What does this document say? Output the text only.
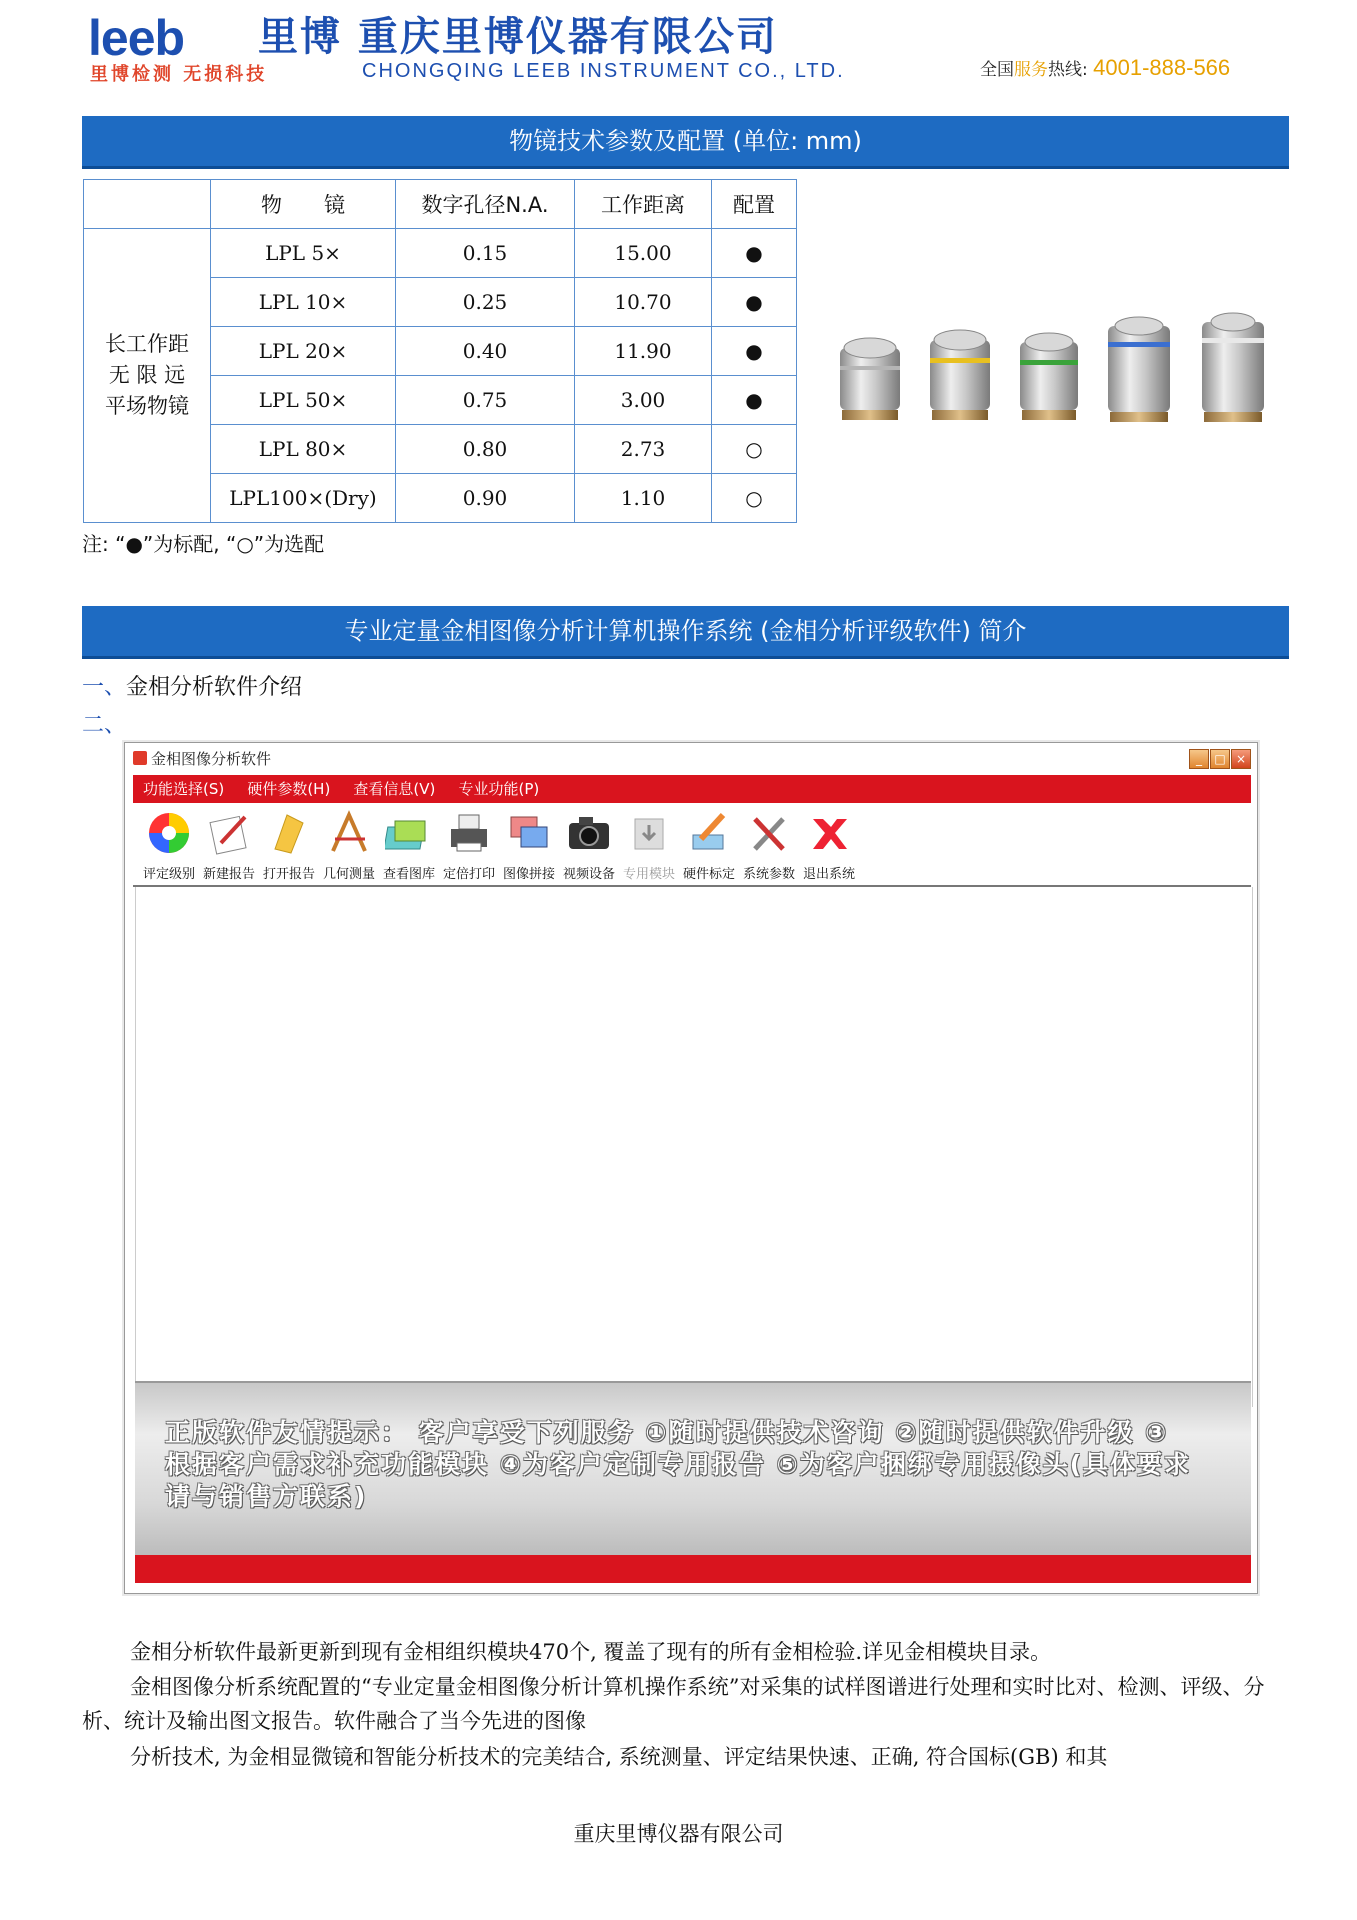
leeb 里博 重庆里博仪器有限公司
里博检测 无损科技	CHONGQING LEEB INSTRUMENT CO., LTD.	全国服务热线: 4001-888-566
物镜技术参数及配置 (单位: mm)
	物　　镜	数字孔径N.A.	工作距离	配置

长工作距
无 限 远
平场物镜	LPL 5×	0.15	15.00	●
	LPL 10×	0.25	10.70	●
	LPL 20×	0.40	11.90	●
	LPL 50×	0.75	3.00	●
	LPL 80×	0.80	2.73	○
	LPL100×(Dry)	0.90	1.10	○
注: “●”为标配, “○”为选配
专业定量金相图像分析计算机操作系统 (金相分析评级软件) 简介
一、金相分析软件介绍
二、
金相图像分析软件	_	□ ×
功能选择(S) 硬件参数(H) 查看信息(V) 专业功能(P)
评定级别 新建报告 打开报告 几何测量 查看图库 定倍打印 图像拼接 视频设备 专用模块 硬件标定 系统参数 退出系统
正版软件友情提示： 客户享受下列服务 ①随时提供技术咨询 ②随时提供软件升级 ③根据客户需求补充功能模块 ④为客户定制专用报告 ⑤为客户捆绑专用摄像头(具体要求请与销售方联系)
金相分析软件最新更新到现有金相组织模块470个, 覆盖了现有的所有金相检验.详见金相模块目录。
金相图像分析系统配置的“专业定量金相图像分析计算机操作系统”对采集的试样图谱进行处理和实时比对、检测、评级、分析、统计及输出图文报告。软件融合了当今先进的图像
分析技术, 为金相显微镜和智能分析技术的完美结合, 系统测量、评定结果快速、正确, 符合国标(GB) 和其
重庆里博仪器有限公司
